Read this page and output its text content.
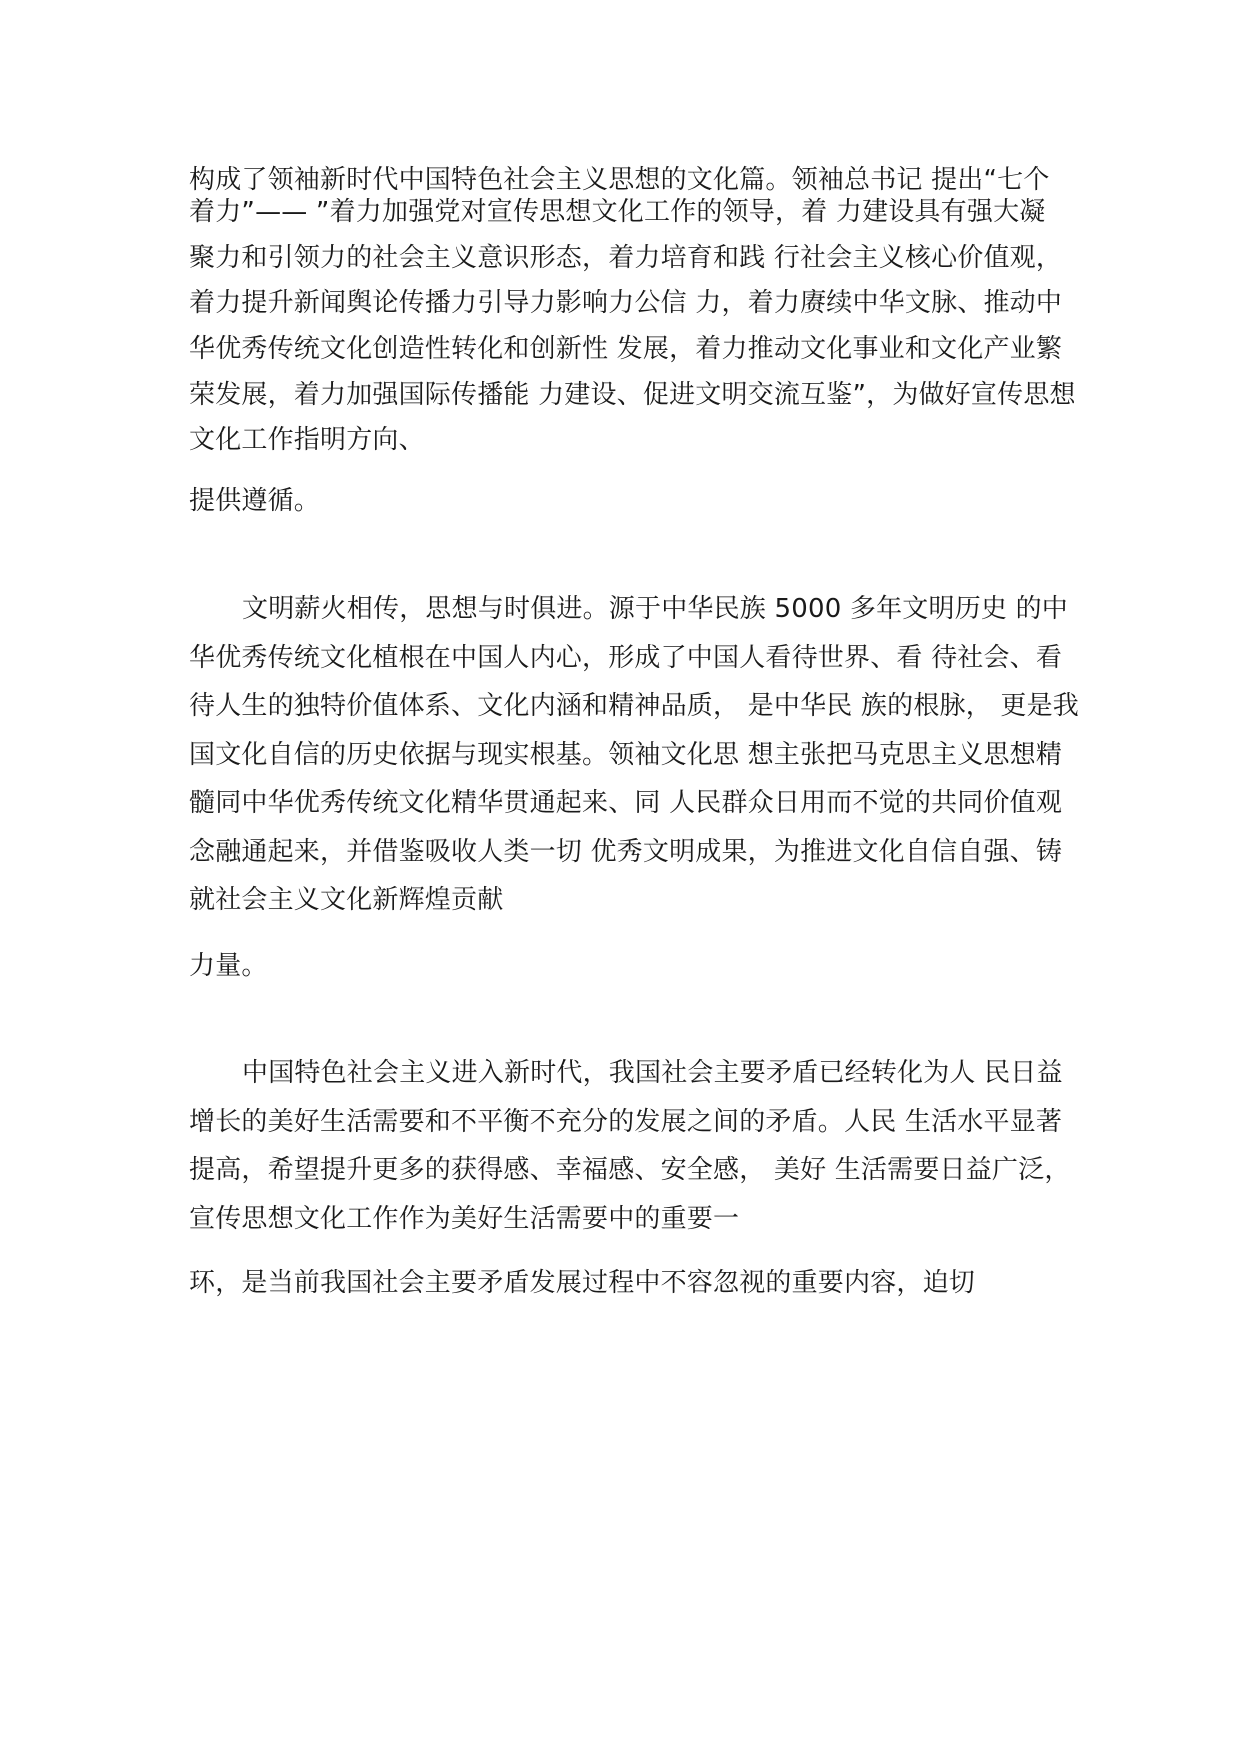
构成了领袖新时代中国特色社会主义思想的文化篇。领袖总书记 提出“七个
着力”—— ”着力加强党对宣传思想文化工作的领导，着 力建设具有强大凝
聚力和引领力的社会主义意识形态，着力培育和践 行社会主义核心价值观，
着力提升新闻舆论传播力引导力影响力公信 力，着力赓续中华文脉、推动中
华优秀传统文化创造性转化和创新性 发展，着力推动文化事业和文化产业繁
荣发展，着力加强国际传播能 力建设、促进文明交流互鉴”，为做好宣传思想
文化工作指明方向、
提供遵循。
文明薪火相传，思想与时俱进。源于中华民族 5000 多年文明历史 的中
华优秀传统文化植根在中国人内心，形成了中国人看待世界、看 待社会、看
待人生的独特价值体系、文化内涵和精神品质， 是中华民 族的根脉， 更是我
国文化自信的历史依据与现实根基。领袖文化思 想主张把马克思主义思想精
髓同中华优秀传统文化精华贯通起来、同 人民群众日用而不觉的共同价值观
念融通起来，并借鉴吸收人类一切 优秀文明成果，为推进文化自信自强、铸
就社会主义文化新辉煌贡献
力量。
中国特色社会主义进入新时代，我国社会主要矛盾已经转化为人 民日益
增长的美好生活需要和不平衡不充分的发展之间的矛盾。人民 生活水平显著
提高，希望提升更多的获得感、幸福感、安全感， 美好 生活需要日益广泛，
宣传思想文化工作作为美好生活需要中的重要一
环，是当前我国社会主要矛盾发展过程中不容忽视的重要内容，迫切
